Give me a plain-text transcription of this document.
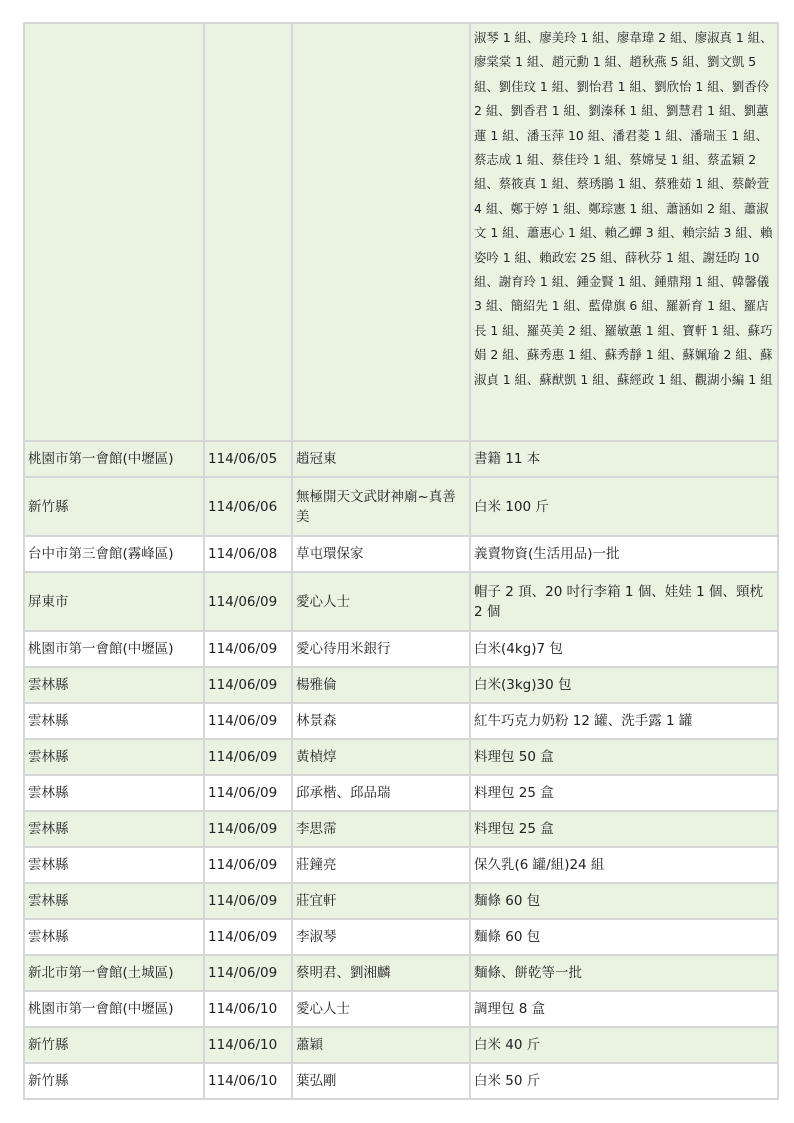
			淑琴 1 組、廖美玲 1 組、廖韋瑋 2 組、廖淑真 1 組、廖棠棠 1 組、趙元勳 1 組、趙秋燕 5 組、劉文凱 5 組、劉佳玟 1 組、劉怡君 1 組、劉欣怡 1 組、劉香伶 2 組、劉香君 1 組、劉溱秝 1 組、劉慧君 1 組、劉蕙蓮 1 組、潘玉萍 10 組、潘君菱 1 組、潘瑞玉 1 組、蔡志成 1 組、蔡佳玲 1 組、蔡嫦旻 1 組、蔡孟穎 2 組、蔡筱真 1 組、蔡琇鵑 1 組、蔡雅茹 1 組、蔡齡萱 4 組、鄭于婷 1 組、鄭琮憲 1 組、蕭涵如 2 組、蕭淑文 1 組、蕭惠心 1 組、賴乙蟬 3 組、賴宗結 3 組、賴姿吟 1 組、賴政宏 25 組、薛秋芬 1 組、謝廷昀 10 組、謝育玲 1 組、鍾金賢 1 組、鍾鼎翔 1 組、韓馨儀 3 組、簡紹先 1 組、藍偉旗 6 組、羅新育 1 組、羅店長 1 組、羅英美 2 組、羅敏蕙 1 組、寶軒 1 組、蘇巧娟 2 組、蘇秀惠 1 組、蘇秀靜 1 組、蘇姵瑜 2 組、蘇淑貞 1 組、蘇猷凱 1 組、蘇經政 1 組、觀湖小編 1 組
桃園市第一會館(中壢區)	114/06/05	趙冠東	書籍 11 本
新竹縣	114/06/06	無極開天文武財神廟~真善美	白米 100 斤
台中市第三會館(霧峰區)	114/06/08	草屯環保家	義賣物資(生活用品)一批
屏東市	114/06/09	愛心人士	帽子 2 頂、20 吋行李箱 1 個、娃娃 1 個、頸枕 2 個
桃園市第一會館(中壢區)	114/06/09	愛心待用米銀行	白米(4kg)7 包
雲林縣	114/06/09	楊雅倫	白米(3kg)30 包
雲林縣	114/06/09	林景森	紅牛巧克力奶粉 12 罐、洗手露 1 罐
雲林縣	114/06/09	黃楨焞	料理包 50 盒
雲林縣	114/06/09	邱承楷、邱品瑞	料理包 25 盒
雲林縣	114/06/09	李思霈	料理包 25 盒
雲林縣	114/06/09	莊鐘亮	保久乳(6 罐/組)24 組
雲林縣	114/06/09	莊宜軒	麵條 60 包
雲林縣	114/06/09	李淑琴	麵條 60 包
新北市第一會館(土城區)	114/06/09	蔡明君、劉湘麟	麵條、餅乾等一批
桃園市第一會館(中壢區)	114/06/10	愛心人士	調理包 8 盒
新竹縣	114/06/10	蕭穎	白米 40 斤
新竹縣	114/06/10	葉弘剛	白米 50 斤
